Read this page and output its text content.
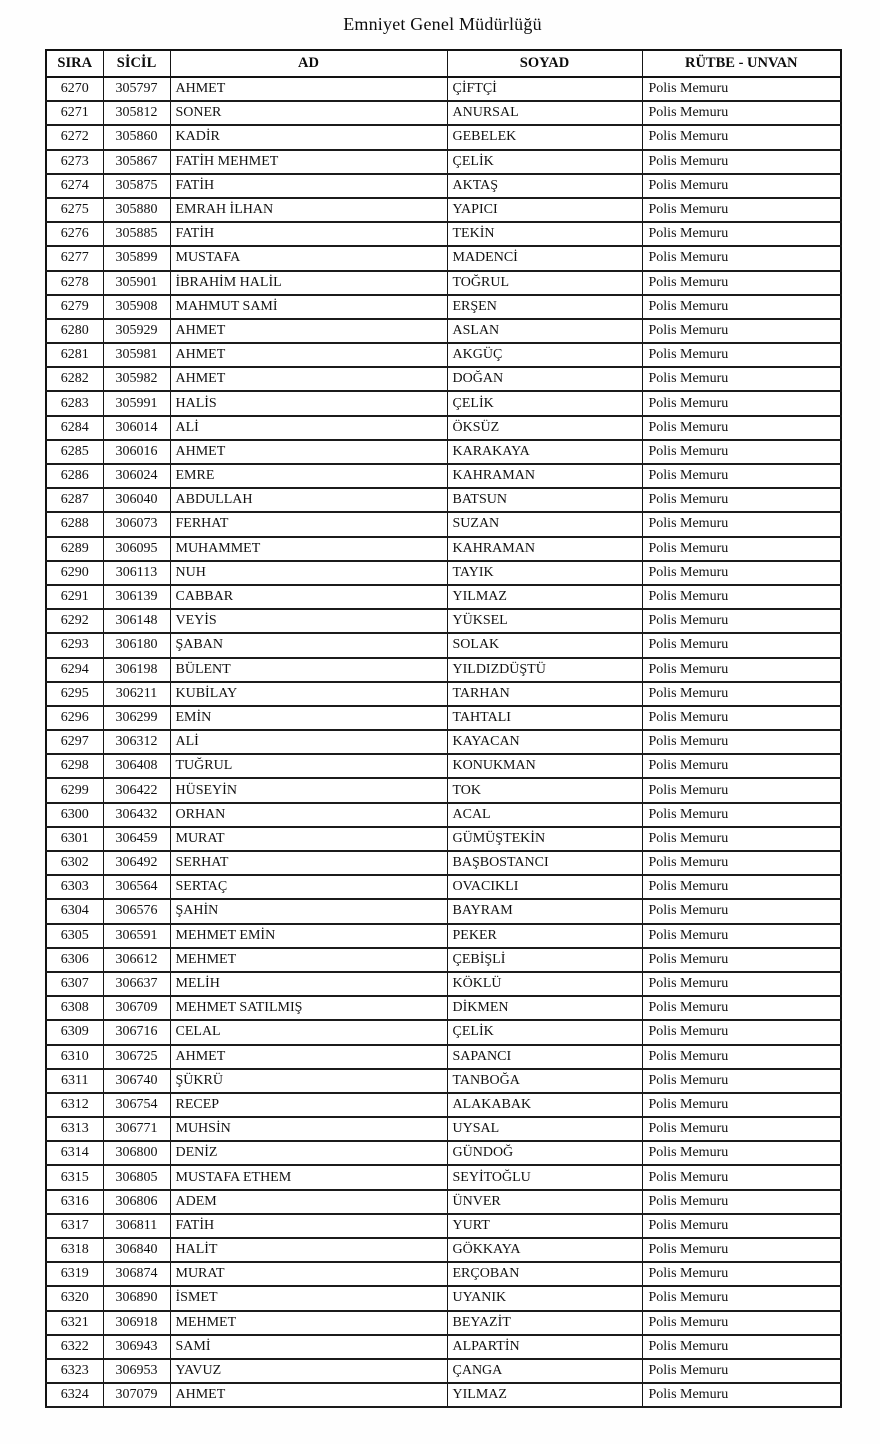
Emniyet Genel Müdürlüğü
SIRA	SİCİL	AD	SOYAD	RÜTBE - UNVAN
6270	305797	AHMET	ÇİFTÇİ	Polis Memuru
6271	305812	SONER	ANURSAL	Polis Memuru
6272	305860	KADİR	GEBELEK	Polis Memuru
6273	305867	FATİH MEHMET	ÇELİK	Polis Memuru
6274	305875	FATİH	AKTAŞ	Polis Memuru
6275	305880	EMRAH İLHAN	YAPICI	Polis Memuru
6276	305885	FATİH	TEKİN	Polis Memuru
6277	305899	MUSTAFA	MADENCİ	Polis Memuru
6278	305901	İBRAHİM HALİL	TOĞRUL	Polis Memuru
6279	305908	MAHMUT SAMİ	ERŞEN	Polis Memuru
6280	305929	AHMET	ASLAN	Polis Memuru
6281	305981	AHMET	AKGÜÇ	Polis Memuru
6282	305982	AHMET	DOĞAN	Polis Memuru
6283	305991	HALİS	ÇELİK	Polis Memuru
6284	306014	ALİ	ÖKSÜZ	Polis Memuru
6285	306016	AHMET	KARAKAYA	Polis Memuru
6286	306024	EMRE	KAHRAMAN	Polis Memuru
6287	306040	ABDULLAH	BATSUN	Polis Memuru
6288	306073	FERHAT	SUZAN	Polis Memuru
6289	306095	MUHAMMET	KAHRAMAN	Polis Memuru
6290	306113	NUH	TAYIK	Polis Memuru
6291	306139	CABBAR	YILMAZ	Polis Memuru
6292	306148	VEYİS	YÜKSEL	Polis Memuru
6293	306180	ŞABAN	SOLAK	Polis Memuru
6294	306198	BÜLENT	YILDIZDÜŞTÜ	Polis Memuru
6295	306211	KUBİLAY	TARHAN	Polis Memuru
6296	306299	EMİN	TAHTALI	Polis Memuru
6297	306312	ALİ	KAYACAN	Polis Memuru
6298	306408	TUĞRUL	KONUKMAN	Polis Memuru
6299	306422	HÜSEYİN	TOK	Polis Memuru
6300	306432	ORHAN	ACAL	Polis Memuru
6301	306459	MURAT	GÜMÜŞTEKİN	Polis Memuru
6302	306492	SERHAT	BAŞBOSTANCI	Polis Memuru
6303	306564	SERTAÇ	OVACIKLI	Polis Memuru
6304	306576	ŞAHİN	BAYRAM	Polis Memuru
6305	306591	MEHMET EMİN	PEKER	Polis Memuru
6306	306612	MEHMET	ÇEBİŞLİ	Polis Memuru
6307	306637	MELİH	KÖKLÜ	Polis Memuru
6308	306709	MEHMET SATILMIŞ	DİKMEN	Polis Memuru
6309	306716	CELAL	ÇELİK	Polis Memuru
6310	306725	AHMET	SAPANCI	Polis Memuru
6311	306740	ŞÜKRÜ	TANBOĞA	Polis Memuru
6312	306754	RECEP	ALAKABAK	Polis Memuru
6313	306771	MUHSİN	UYSAL	Polis Memuru
6314	306800	DENİZ	GÜNDOĞ	Polis Memuru
6315	306805	MUSTAFA ETHEM	SEYİTOĞLU	Polis Memuru
6316	306806	ADEM	ÜNVER	Polis Memuru
6317	306811	FATİH	YURT	Polis Memuru
6318	306840	HALİT	GÖKKAYA	Polis Memuru
6319	306874	MURAT	ERÇOBAN	Polis Memuru
6320	306890	İSMET	UYANIK	Polis Memuru
6321	306918	MEHMET	BEYAZİT	Polis Memuru
6322	306943	SAMİ	ALPARTİN	Polis Memuru
6323	306953	YAVUZ	ÇANGA	Polis Memuru
6324	307079	AHMET	YILMAZ	Polis Memuru
